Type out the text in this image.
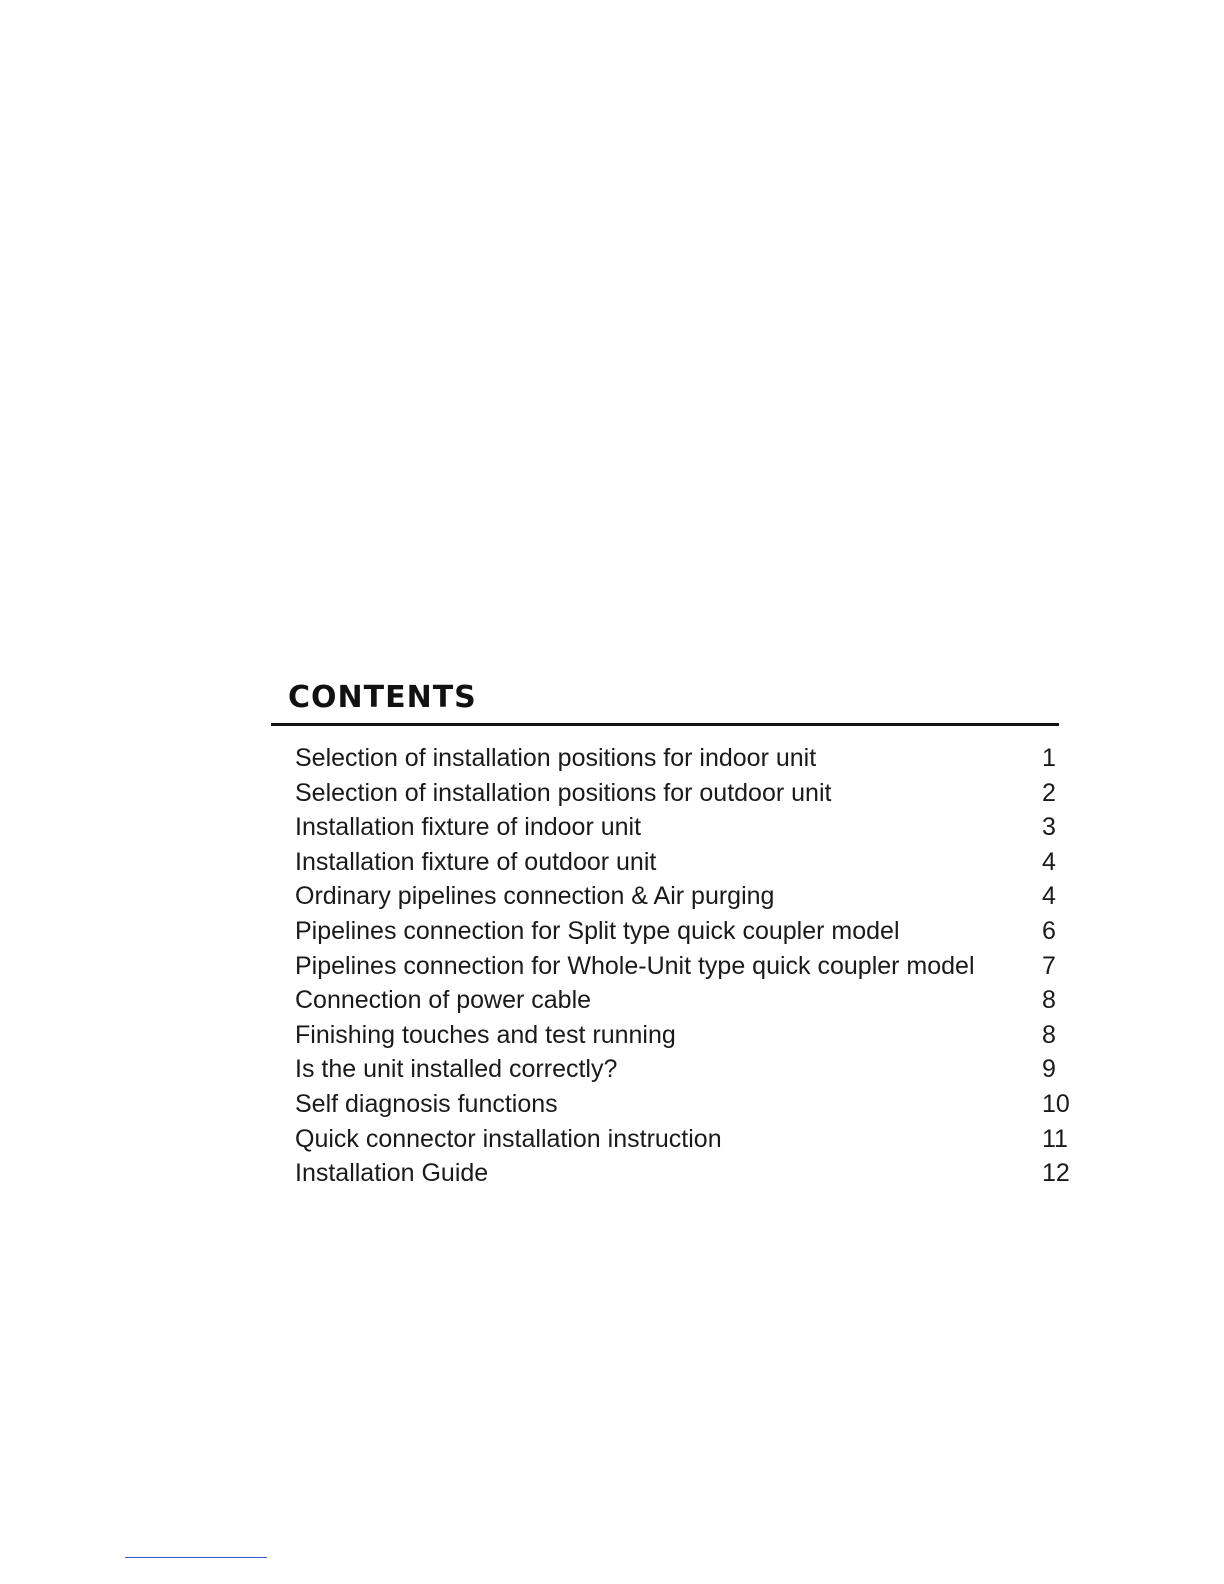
CONTENTS
Selection of installation positions for indoor unit	1
Selection of installation positions for outdoor unit	2
Installation fixture of indoor unit	3
Installation fixture of outdoor unit	4
Ordinary pipelines connection & Air purging	4
Pipelines connection for Split type quick coupler model	6
Pipelines connection for Whole-Unit type quick coupler model	7
Connection of power cable	8
Finishing touches and test running	8
Is the unit installed correctly?	9
Self diagnosis functions	10
Quick connector installation instruction	11
Installation Guide	12
